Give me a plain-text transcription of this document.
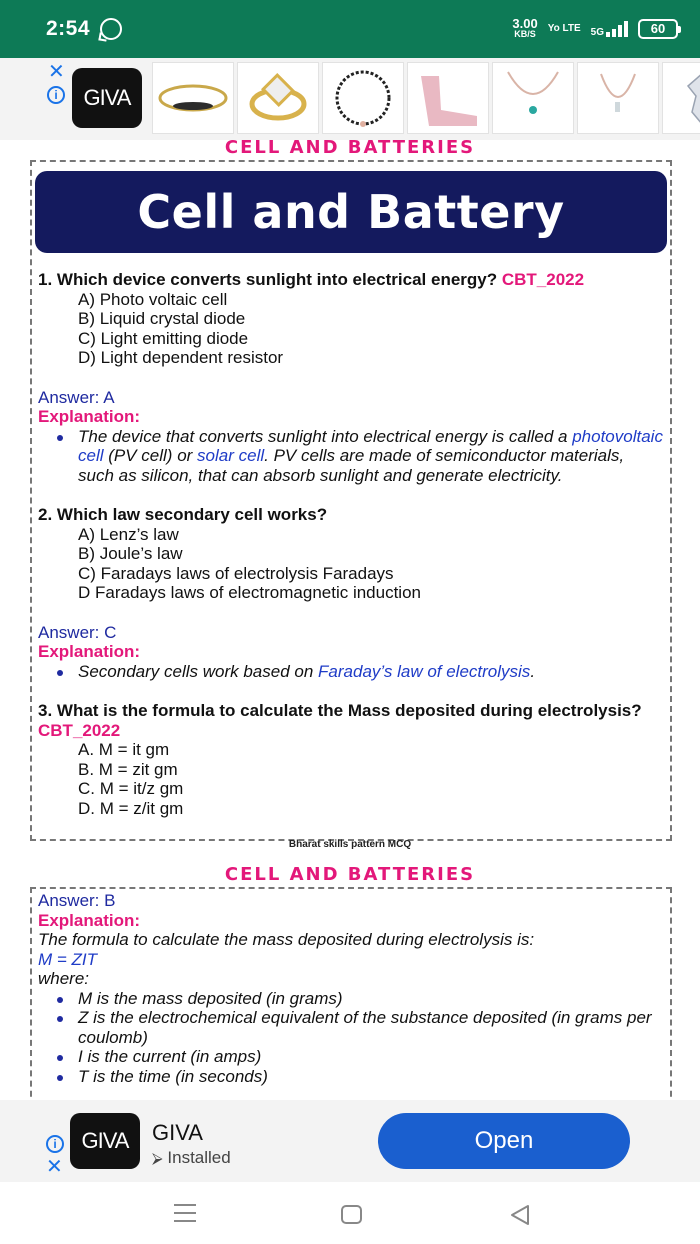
2:54	3.00
KB/S Yo LTE 5G	60
✕
i	GIVA
CELL AND BATTERIES
Cell and Battery
1. Which device converts sunlight into electrical energy? CBT_2022
A) Photo voltaic cell
B) Liquid crystal diode
C) Light emitting diode
D) Light dependent resistor
Answer: A
Explanation:
The device that converts sunlight into electrical energy is called a photovoltaic cell (PV cell) or solar cell. PV cells are made of semiconductor materials, such as silicon, that can absorb sunlight and generate electricity.
2. Which law secondary cell works?
A) Lenz’s law
B) Joule’s law
C) Faradays laws of electrolysis Faradays
D Faradays laws of electromagnetic induction
Answer: C
Explanation:
Secondary cells work based on Faraday’s law of electrolysis.
3. What is the formula to calculate the Mass deposited during electrolysis? CBT_2022
A. M = it gm
B. M = zit gm
C. M = it/z gm
D. M = z/it gm
Bharat skills pattern MCQ
CELL AND BATTERIES
Answer: B
Explanation:
The formula to calculate the mass deposited during electrolysis is:
M = ZIT
where:
M is the mass deposited (in grams)
Z is the electrochemical equivalent of the substance deposited (in grams per coulomb)
I is the current (in amps)
T is the time (in seconds)
i
✕
GIVA	GIVA
⮚ Installed
Open
